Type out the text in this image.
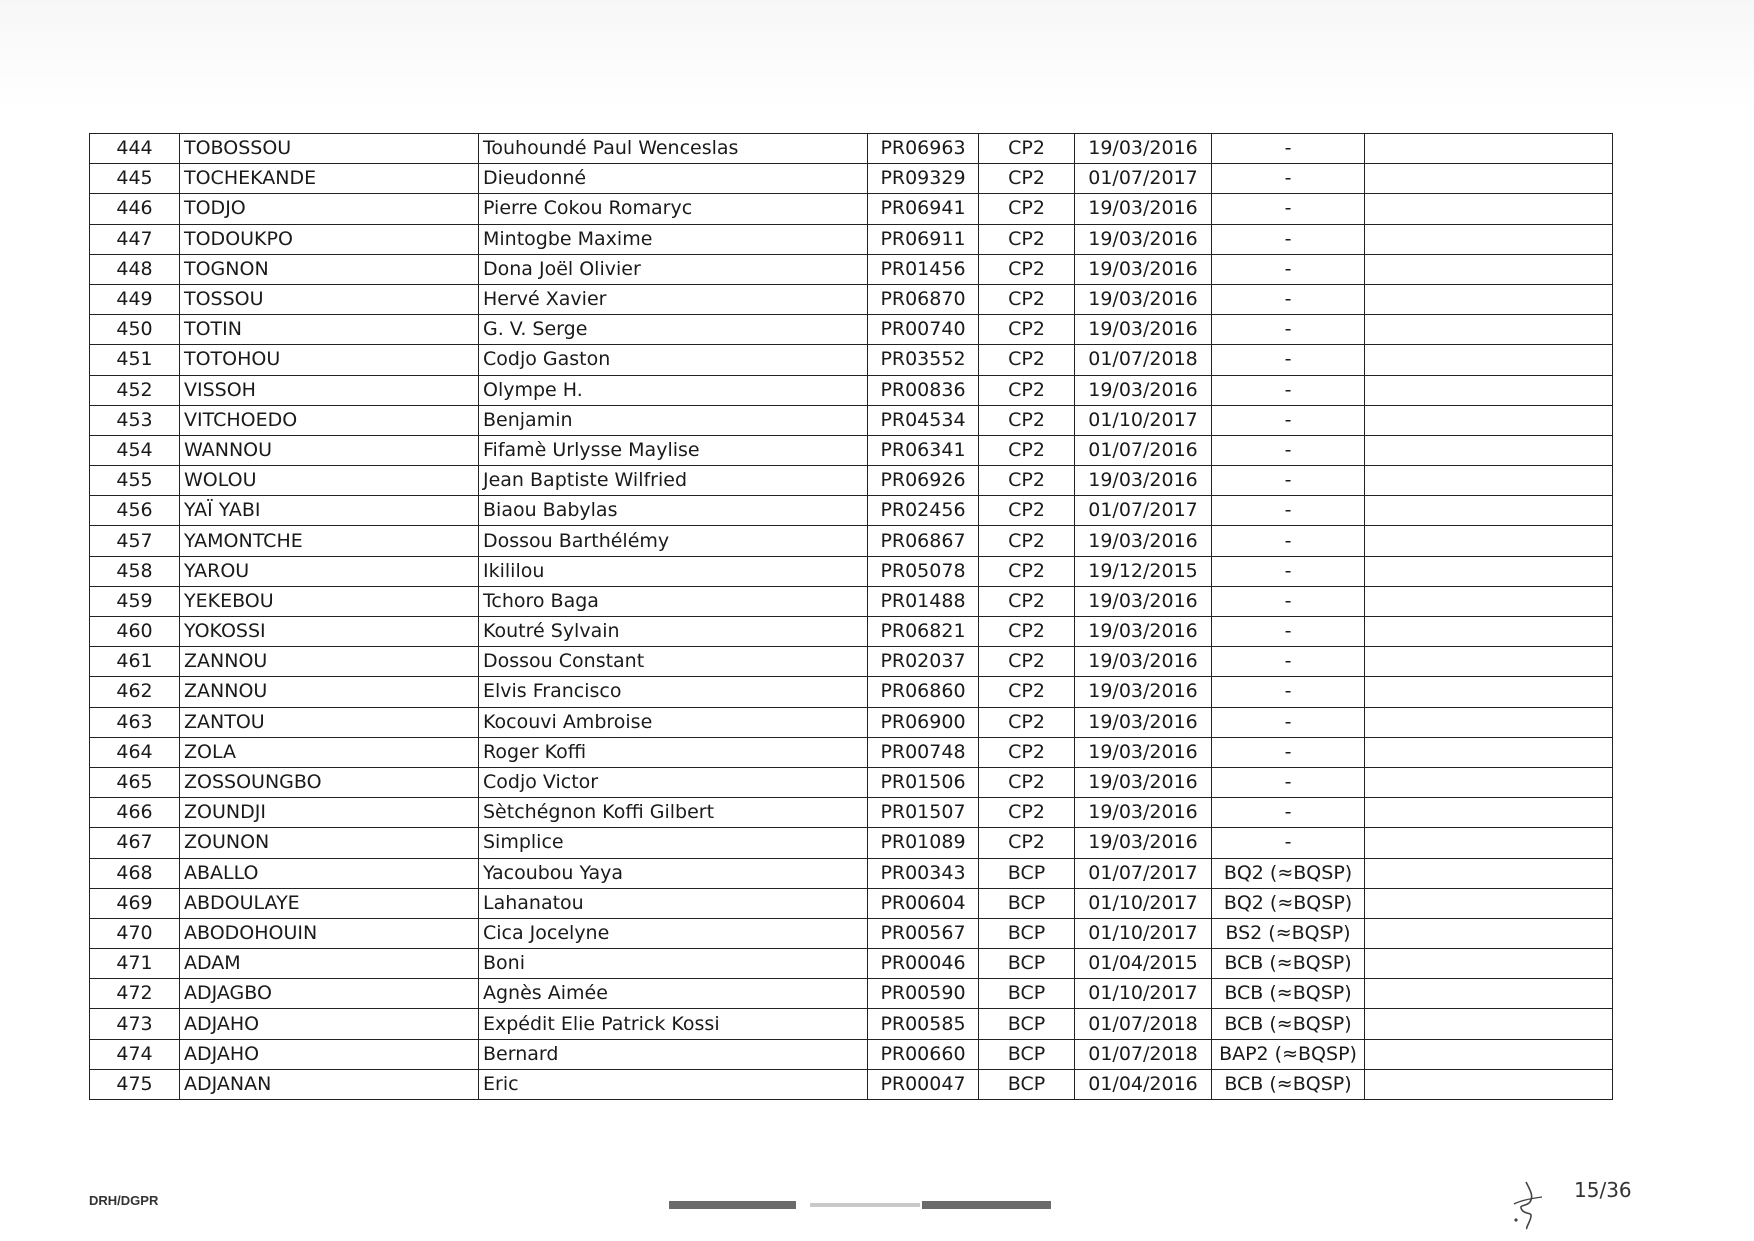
444	TOBOSSOU	Touhoundé Paul Wenceslas	PR06963	CP2	19/03/2016	-	
445	TOCHEKANDE	Dieudonné	PR09329	CP2	01/07/2017	-	
446	TODJO	Pierre Cokou Romaryc	PR06941	CP2	19/03/2016	-	
447	TODOUKPO	Mintogbe Maxime	PR06911	CP2	19/03/2016	-	
448	TOGNON	Dona Joël Olivier	PR01456	CP2	19/03/2016	-	
449	TOSSOU	Hervé Xavier	PR06870	CP2	19/03/2016	-	
450	TOTIN	G. V. Serge	PR00740	CP2	19/03/2016	-	
451	TOTOHOU	Codjo Gaston	PR03552	CP2	01/07/2018	-	
452	VISSOH	Olympe H.	PR00836	CP2	19/03/2016	-	
453	VITCHOEDO	Benjamin	PR04534	CP2	01/10/2017	-	
454	WANNOU	Fifamè Urlysse Maylise	PR06341	CP2	01/07/2016	-	
455	WOLOU	Jean Baptiste Wilfried	PR06926	CP2	19/03/2016	-	
456	YAÏ YABI	Biaou Babylas	PR02456	CP2	01/07/2017	-	
457	YAMONTCHE	Dossou Barthélémy	PR06867	CP2	19/03/2016	-	
458	YAROU	Ikililou	PR05078	CP2	19/12/2015	-	
459	YEKEBOU	Tchoro Baga	PR01488	CP2	19/03/2016	-	
460	YOKOSSI	Koutré Sylvain	PR06821	CP2	19/03/2016	-	
461	ZANNOU	Dossou Constant	PR02037	CP2	19/03/2016	-	
462	ZANNOU	Elvis Francisco	PR06860	CP2	19/03/2016	-	
463	ZANTOU	Kocouvi Ambroise	PR06900	CP2	19/03/2016	-	
464	ZOLA	Roger Koffi	PR00748	CP2	19/03/2016	-	
465	ZOSSOUNGBO	Codjo Victor	PR01506	CP2	19/03/2016	-	
466	ZOUNDJI	Sètchégnon Koffi Gilbert	PR01507	CP2	19/03/2016	-	
467	ZOUNON	Simplice	PR01089	CP2	19/03/2016	-	
468	ABALLO	Yacoubou Yaya	PR00343	BCP	01/07/2017	BQ2 (≈BQSP)	
469	ABDOULAYE	Lahanatou	PR00604	BCP	01/10/2017	BQ2 (≈BQSP)	
470	ABODOHOUIN	Cica Jocelyne	PR00567	BCP	01/10/2017	BS2 (≈BQSP)	
471	ADAM	Boni	PR00046	BCP	01/04/2015	BCB (≈BQSP)	
472	ADJAGBO	Agnès Aimée	PR00590	BCP	01/10/2017	BCB (≈BQSP)	
473	ADJAHO	Expédit Elie Patrick Kossi	PR00585	BCP	01/07/2018	BCB (≈BQSP)	
474	ADJAHO	Bernard	PR00660	BCP	01/07/2018	BAP2 (≈BQSP)	
475	ADJANAN	Eric	PR00047	BCP	01/04/2016	BCB (≈BQSP)	
DRH/DGPR	15/36
